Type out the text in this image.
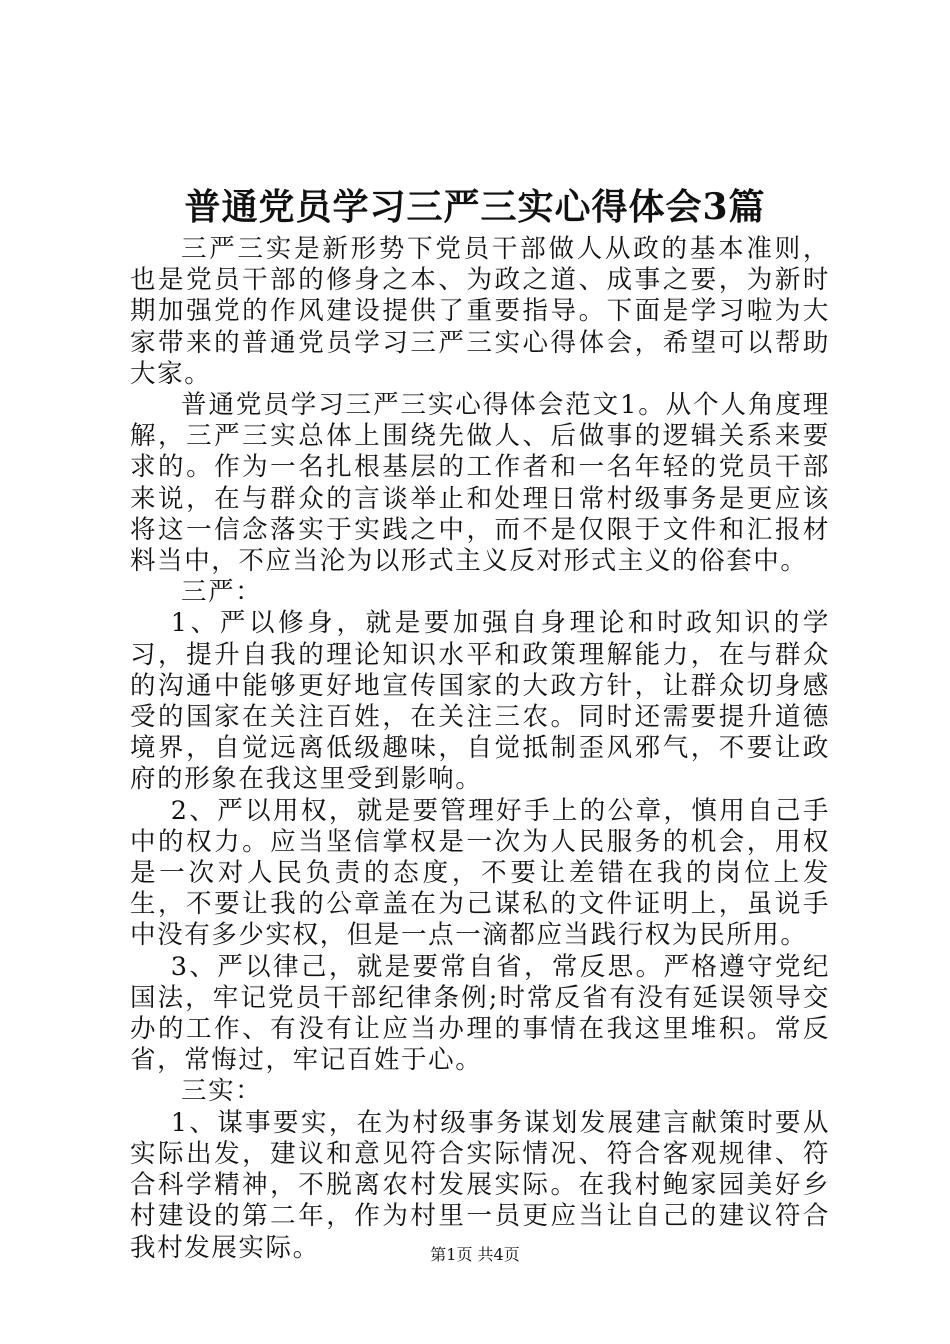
普通党员学习三严三实心得体会3篇

三严三实是新形势下党员干部做人从政的基本准则，也是党员干部的修身之本、为政之道、成事之要，为新时期加强党的作风建设提供了重要指导。下面是学习啦为大家带来的普通党员学习三严三实心得体会，希望可以帮助大家。

普通党员学习三严三实心得体会范文1。从个人角度理解，三严三实总体上围绕先做人、后做事的逻辑关系来要求的。作为一名扎根基层的工作者和一名年轻的党员干部来说，在与群众的言谈举止和处理日常村级事务是更应该将这一信念落实于实践之中，而不是仅限于文件和汇报材料当中，不应当沦为以形式主义反对形式主义的俗套中。

三严：

1、严以修身，就是要加强自身理论和时政知识的学习，提升自我的理论知识水平和政策理解能力，在与群众的沟通中能够更好地宣传国家的大政方针，让群众切身感受的国家在关注百姓，在关注三农。同时还需要提升道德境界，自觉远离低级趣味，自觉抵制歪风邪气，不要让政府的形象在我这里受到影响。

2、严以用权，就是要管理好手上的公章，慎用自己手中的权力。应当坚信掌权是一次为人民服务的机会，用权是一次对人民负责的态度，不要让差错在我的岗位上发生，不要让我的公章盖在为己谋私的文件证明上，虽说手中没有多少实权，但是一点一滴都应当践行权为民所用。

3、严以律己，就是要常自省，常反思。严格遵守党纪国法，牢记党员干部纪律条例;时常反省有没有延误领导交办的工作、有没有让应当办理的事情在我这里堆积。常反省，常悔过，牢记百姓于心。

三实：

1、谋事要实，在为村级事务谋划发展建言献策时要从实际出发，建议和意见符合实际情况、符合客观规律、符合科学精神，不脱离农村发展实际。在我村鲍家园美好乡村建设的第二年，作为村里一员更应当让自己的建议符合我村发展实际。	第1页 共4页
